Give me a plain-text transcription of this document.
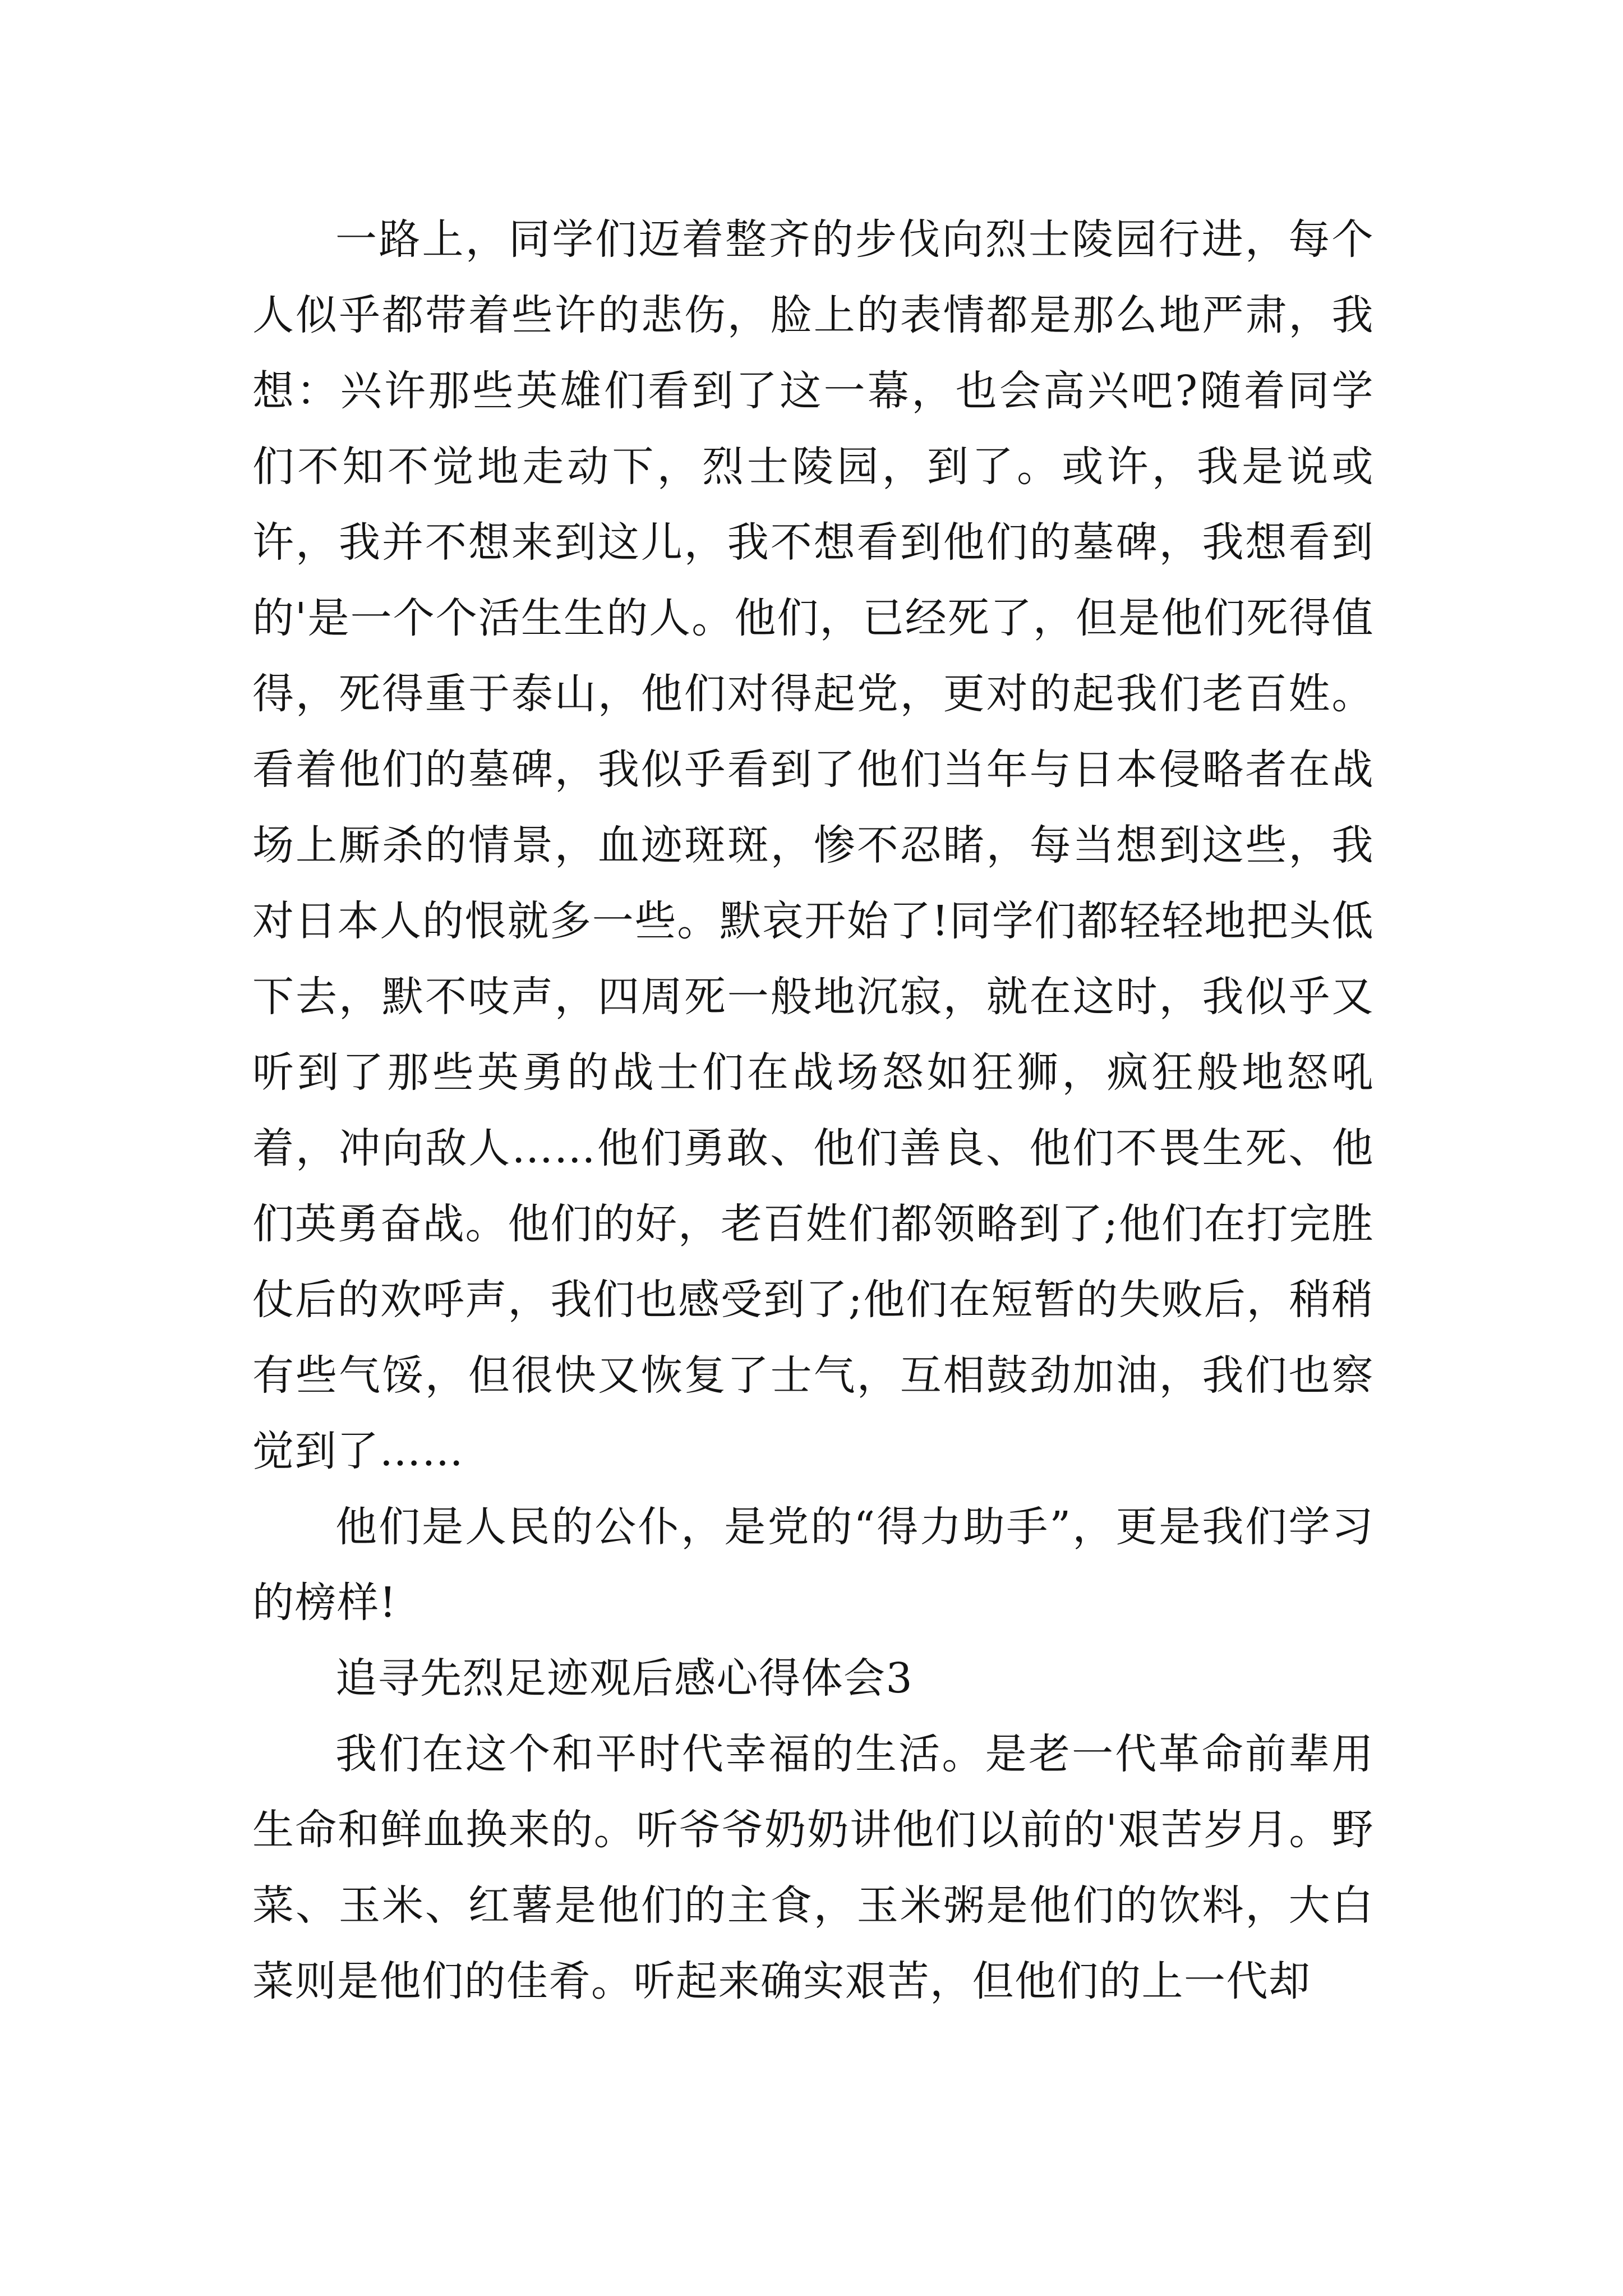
一路上，同学们迈着整齐的步伐向烈士陵园行进，每个人似乎都带着些许的悲伤，脸上的表情都是那么地严肃，我想：兴许那些英雄们看到了这一幕，也会高兴吧?随着同学们不知不觉地走动下，烈士陵园，到了。或许，我是说或许，我并不想来到这儿，我不想看到他们的墓碑，我想看到的'是一个个活生生的人。他们，已经死了，但是他们死得值得，死得重于泰山，他们对得起党，更对的起我们老百姓。看着他们的墓碑，我似乎看到了他们当年与日本侵略者在战场上厮杀的情景，血迹斑斑，惨不忍睹，每当想到这些，我对日本人的恨就多一些。默哀开始了!同学们都轻轻地把头低下去，默不吱声，四周死一般地沉寂，就在这时，我似乎又听到了那些英勇的战士们在战场怒如狂狮，疯狂般地怒吼着，冲向敌人……他们勇敢、他们善良、他们不畏生死、他们英勇奋战。他们的好，老百姓们都领略到了;他们在打完胜仗后的欢呼声，我们也感受到了;他们在短暂的失败后，稍稍有些气馁，但很快又恢复了士气，互相鼓劲加油，我们也察觉到了……

他们是人民的公仆，是党的“得力助手”，更是我们学习的榜样!

追寻先烈足迹观后感心得体会3

我们在这个和平时代幸福的生活。是老一代革命前辈用生命和鲜血换来的。听爷爷奶奶讲他们以前的'艰苦岁月。野菜、玉米、红薯是他们的主食，玉米粥是他们的饮料，大白菜则是他们的佳肴。听起来确实艰苦，但他们的上一代却
